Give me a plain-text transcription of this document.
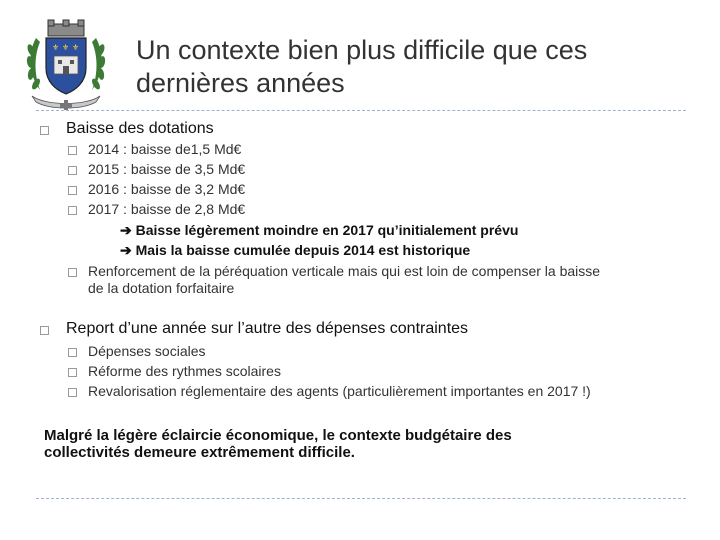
⚜ ⚜ ⚜ Un contexte bien plus difficile que ces dernières années
Baisse des dotations
2014 : baisse de1,5 Md€
2015 : baisse de 3,5 Md€
2016 : baisse de 3,2 Md€
2017 : baisse de 2,8 Md€
➔ Baisse légèrement moindre en 2017 qu’initialement prévu
➔ Mais la baisse cumulée depuis 2014 est historique
Renforcement de la péréquation verticale mais qui est loin de compenser la baisse
de la dotation forfaitaire
Report d’une année sur l’autre des dépenses contraintes
Dépenses sociales
Réforme des rythmes scolaires
Revalorisation réglementaire des agents (particulièrement importantes en 2017 !)
Malgré la légère éclaircie économique, le contexte budgétaire des
collectivités demeure extrêmement difficile.
